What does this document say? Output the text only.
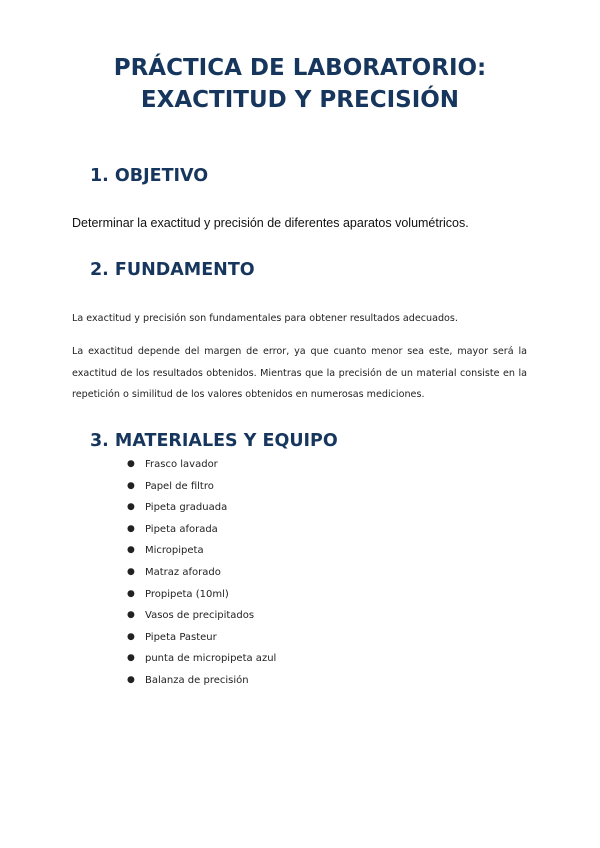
PRÁCTICA DE LABORATORIO:
EXACTITUD Y PRECISIÓN
1. OBJETIVO

Determinar la exactitud y precisión de diferentes aparatos volumétricos.

2. FUNDAMENTO

La exactitud y precisión son fundamentales para obtener resultados adecuados.

La exactitud depende del margen de error, ya que cuanto menor sea este, mayor será la exactitud de los resultados obtenidos. Mientras que la precisión de un material consiste en la repetición o similitud de los valores obtenidos en numerosas mediciones.

3. MATERIALES Y EQUIPO
● Frasco lavador
● Papel de filtro
● Pipeta graduada
● Pipeta aforada
● Micropipeta
● Matraz aforado
● Propipeta (10ml)
● Vasos de precipitados
● Pipeta Pasteur
● punta de micropipeta azul
● Balanza de precisión
